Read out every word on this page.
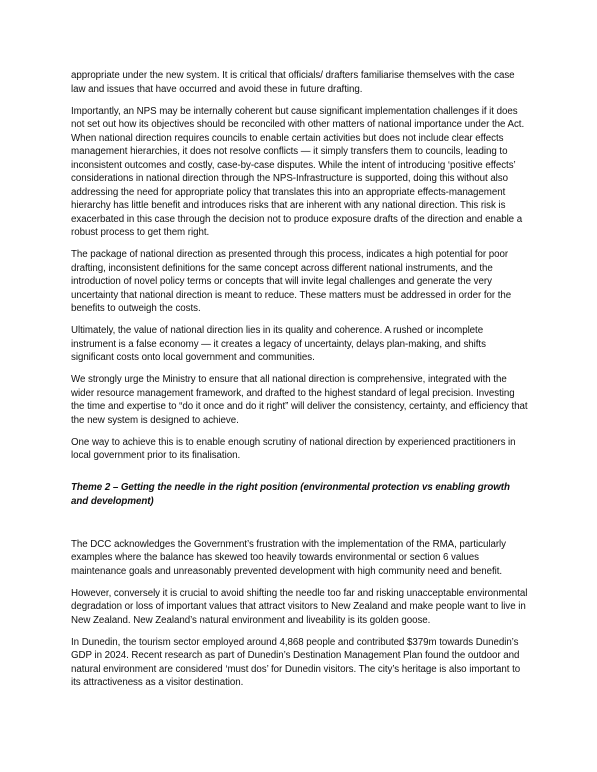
appropriate under the new system. It is critical that officials/ drafters familiarise themselves with the case law and issues that have occurred and avoid these in future drafting.

Importantly, an NPS may be internally coherent but cause significant implementation challenges if it does not set out how its objectives should be reconciled with other matters of national importance under the Act. When national direction requires councils to enable certain activities but does not include clear effects management hierarchies, it does not resolve conflicts — it simply transfers them to councils, leading to inconsistent outcomes and costly, case-by-case disputes. While the intent of introducing ‘positive effects’ considerations in national direction through the NPS-Infrastructure is supported, doing this without also addressing the need for appropriate policy that translates this into an appropriate effects-management hierarchy has little benefit and introduces risks that are inherent with any national direction. This risk is exacerbated in this case through the decision not to produce exposure drafts of the direction and enable a robust process to get them right.

The package of national direction as presented through this process, indicates a high potential for poor drafting, inconsistent definitions for the same concept across different national instruments, and the introduction of novel policy terms or concepts that will invite legal challenges and generate the very uncertainty that national direction is meant to reduce. These matters must be addressed in order for the benefits to outweigh the costs.

Ultimately, the value of national direction lies in its quality and coherence. A rushed or incomplete instrument is a false economy — it creates a legacy of uncertainty, delays plan-making, and shifts significant costs onto local government and communities.

We strongly urge the Ministry to ensure that all national direction is comprehensive, integrated with the wider resource management framework, and drafted to the highest standard of legal precision. Investing the time and expertise to “do it once and do it right” will deliver the consistency, certainty, and efficiency that the new system is designed to achieve.

One way to achieve this is to enable enough scrutiny of national direction by experienced practitioners in local government prior to its finalisation.

Theme 2 – Getting the needle in the right position (environmental protection vs enabling growth and development)

The DCC acknowledges the Government’s frustration with the implementation of the RMA, particularly examples where the balance has skewed too heavily towards environmental or section 6 values maintenance goals and unreasonably prevented development with high community need and benefit.

However, conversely it is crucial to avoid shifting the needle too far and risking unacceptable environmental degradation or loss of important values that attract visitors to New Zealand and make people want to live in New Zealand. New Zealand’s natural environment and liveability is its golden goose.

In Dunedin, the tourism sector employed around 4,868 people and contributed $379m towards Dunedin’s GDP in 2024. Recent research as part of Dunedin’s Destination Management Plan found the outdoor and natural environment are considered ‘must dos’ for Dunedin visitors. The city’s heritage is also important to its attractiveness as a visitor destination.
